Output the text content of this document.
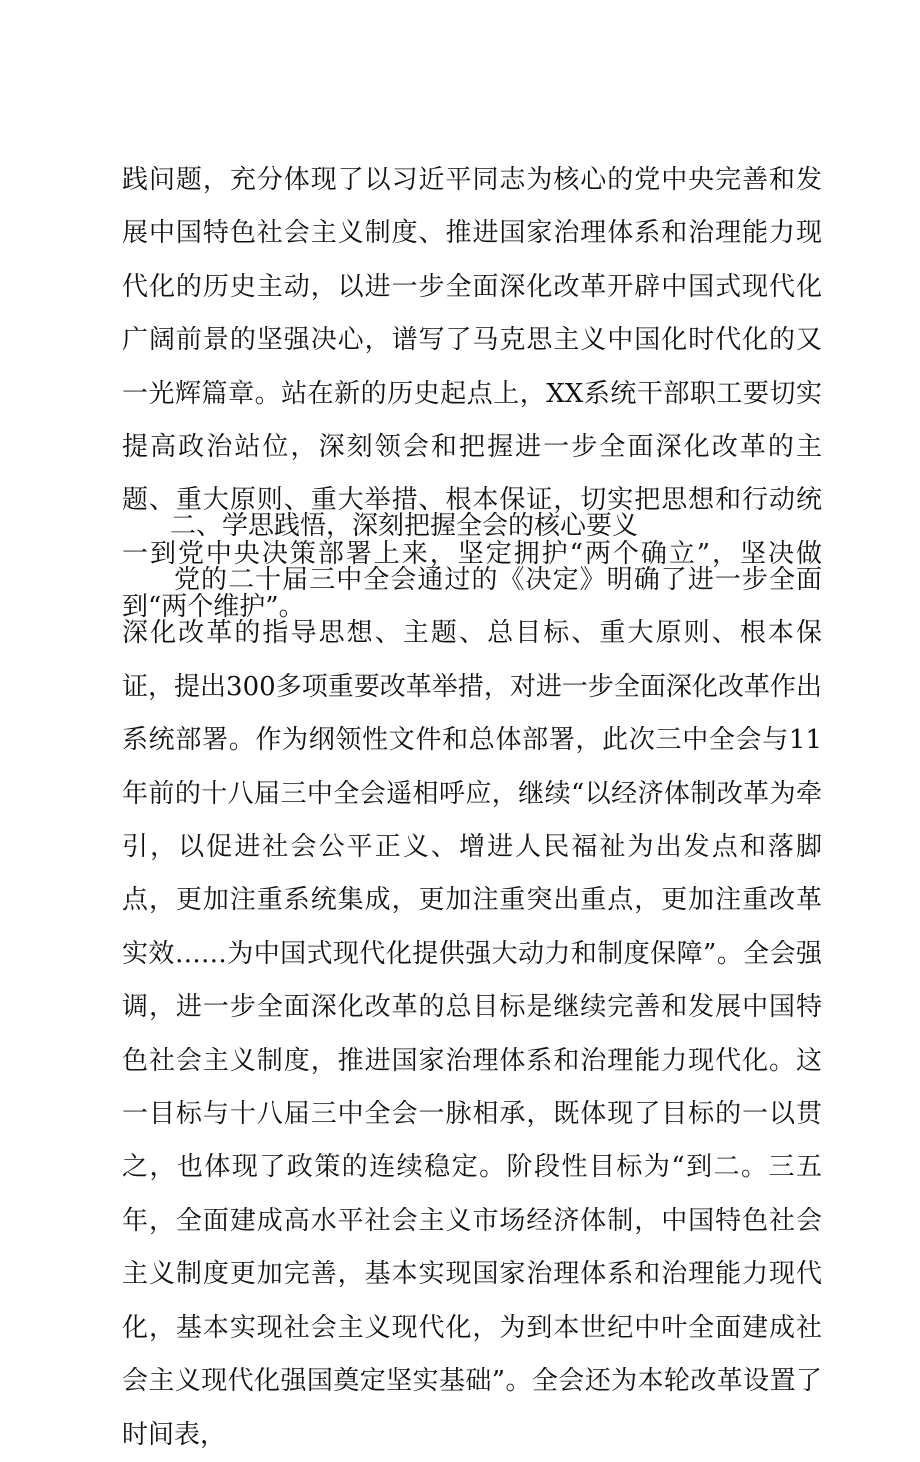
践问题，充分体现了以习近平同志为核心的党中央完善和发展中国特色社会主义制度、推进国家治理体系和治理能力现代化的历史主动，以进一步全面深化改革开辟中国式现代化广阔前景的坚强决心，谱写了马克思主义中国化时代化的又一光辉篇章。站在新的历史起点上，XX系统干部职工要切实提高政治站位，深刻领会和把握进一步全面深化改革的主题、重大原则、重大举措、根本保证，切实把思想和行动统一到党中央决策部署上来，坚定拥护“两个确立”，坚决做到“两个维护”。

二、学思践悟，深刻把握全会的核心要义

党的二十届三中全会通过的《决定》明确了进一步全面深化改革的指导思想、主题、总目标、重大原则、根本保证，提出300多项重要改革举措，对进一步全面深化改革作出系统部署。作为纲领性文件和总体部署，此次三中全会与11年前的十八届三中全会遥相呼应，继续“以经济体制改革为牵引，以促进社会公平正义、增进人民福祉为出发点和落脚点，更加注重系统集成，更加注重突出重点，更加注重改革实效……为中国式现代化提供强大动力和制度保障”。全会强调，进一步全面深化改革的总目标是继续完善和发展中国特色社会主义制度，推进国家治理体系和治理能力现代化。这一目标与十八届三中全会一脉相承，既体现了目标的一以贯之，也体现了政策的连续稳定。阶段性目标为“到二。三五年，全面建成高水平社会主义市场经济体制，中国特色社会主义制度更加完善，基本实现国家治理体系和治理能力现代化，基本实现社会主义现代化，为到本世纪中叶全面建成社会主义现代化强国奠定坚实基础”。全会还为本轮改革设置了时间表，
